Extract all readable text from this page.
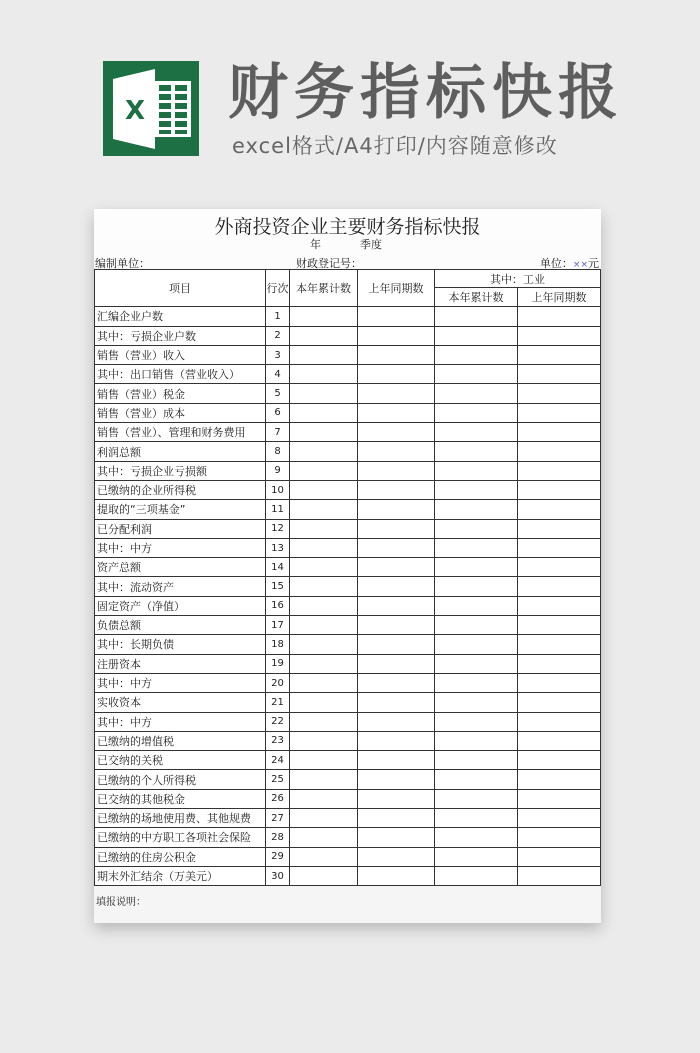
X 财务指标快报
excel格式/A4打印/内容随意修改
外商投资企业主要财务指标快报
年	季度
编制单位：	财政登记号：	单位：××元
项目	行次	本年累计数	上年同期数	其中：工业	
				本年累计数	上年同期数
汇编企业户数	1				
其中：亏损企业户数	2				
销售（营业）收入	3				
其中：出口销售（营业收入）	4				
销售（营业）税金	5				
销售（营业）成本	6				
销售（营业）、管理和财务费用	7				
利润总额	8				
其中：亏损企业亏损额	9				
已缴纳的企业所得税	10				
提取的“三项基金”	11				
已分配利润	12				
其中：中方	13				
资产总额	14				
其中：流动资产	15				
固定资产（净值）	16				
负债总额	17				
其中：长期负债	18				
注册资本	19				
其中：中方	20				
实收资本	21				
其中：中方	22				
已缴纳的增值税	23				
已交纳的关税	24				
已缴纳的个人所得税	25				
已交纳的其他税金	26				
已缴纳的场地使用费、其他规费	27				
已缴纳的中方职工各项社会保险	28				
已缴纳的住房公积金	29				
期末外汇结余（万美元）	30				
填报说明：
